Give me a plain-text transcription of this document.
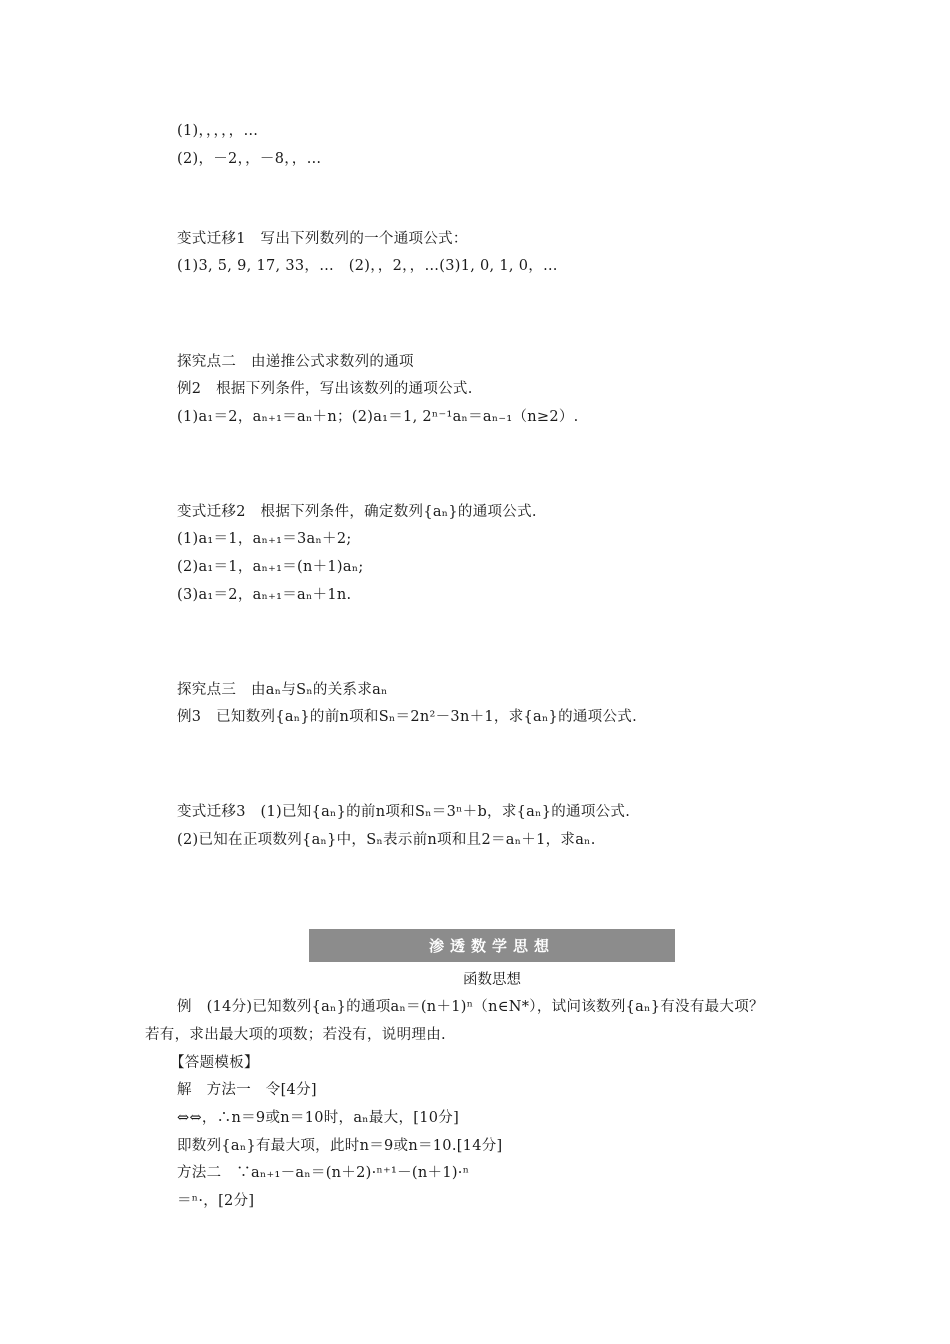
(1)，，，，，…
(2)，－2，，－8，，…
变式迁移1　写出下列数列的一个通项公式：
(1)3, 5, 9, 17, 33，…　(2)，，2，，…(3)1, 0, 1, 0，…
探究点二　由递推公式求数列的通项
例2　根据下列条件，写出该数列的通项公式.
(1)a₁＝2，aₙ₊₁＝aₙ＋n；(2)a₁＝1, 2ⁿ⁻¹aₙ＝aₙ₋₁（n≥2）.
变式迁移2　根据下列条件，确定数列{aₙ}的通项公式.
(1)a₁＝1，aₙ₊₁＝3aₙ＋2;
(2)a₁＝1，aₙ₊₁＝(n＋1)aₙ;
(3)a₁＝2，aₙ₊₁＝aₙ＋1n.
探究点三　由aₙ与Sₙ的关系求aₙ
例3　已知数列{aₙ}的前n项和Sₙ＝2n²－3n＋1，求{aₙ}的通项公式.
变式迁移3　(1)已知{aₙ}的前n项和Sₙ＝3ⁿ＋b，求{aₙ}的通项公式.
(2)已知在正项数列{aₙ}中，Sₙ表示前n项和且2＝aₙ＋1，求aₙ.
渗透数学思想
函数思想
例　(14分)已知数列{aₙ}的通项aₙ＝(n＋1)ⁿ（n∈N*），试问该数列{aₙ}有没有最大项？
若有，求出最大项的项数；若没有，说明理由.
【答题模板】
解　方法一　令[4分]
⇔⇔，∴n＝9或n＝10时，aₙ最大，[10分]
即数列{aₙ}有最大项，此时n＝9或n＝10.[14分]
方法二　∵aₙ₊₁－aₙ＝(n＋2)·ⁿ⁺¹－(n＋1)·ⁿ
＝ⁿ·，[2分]
